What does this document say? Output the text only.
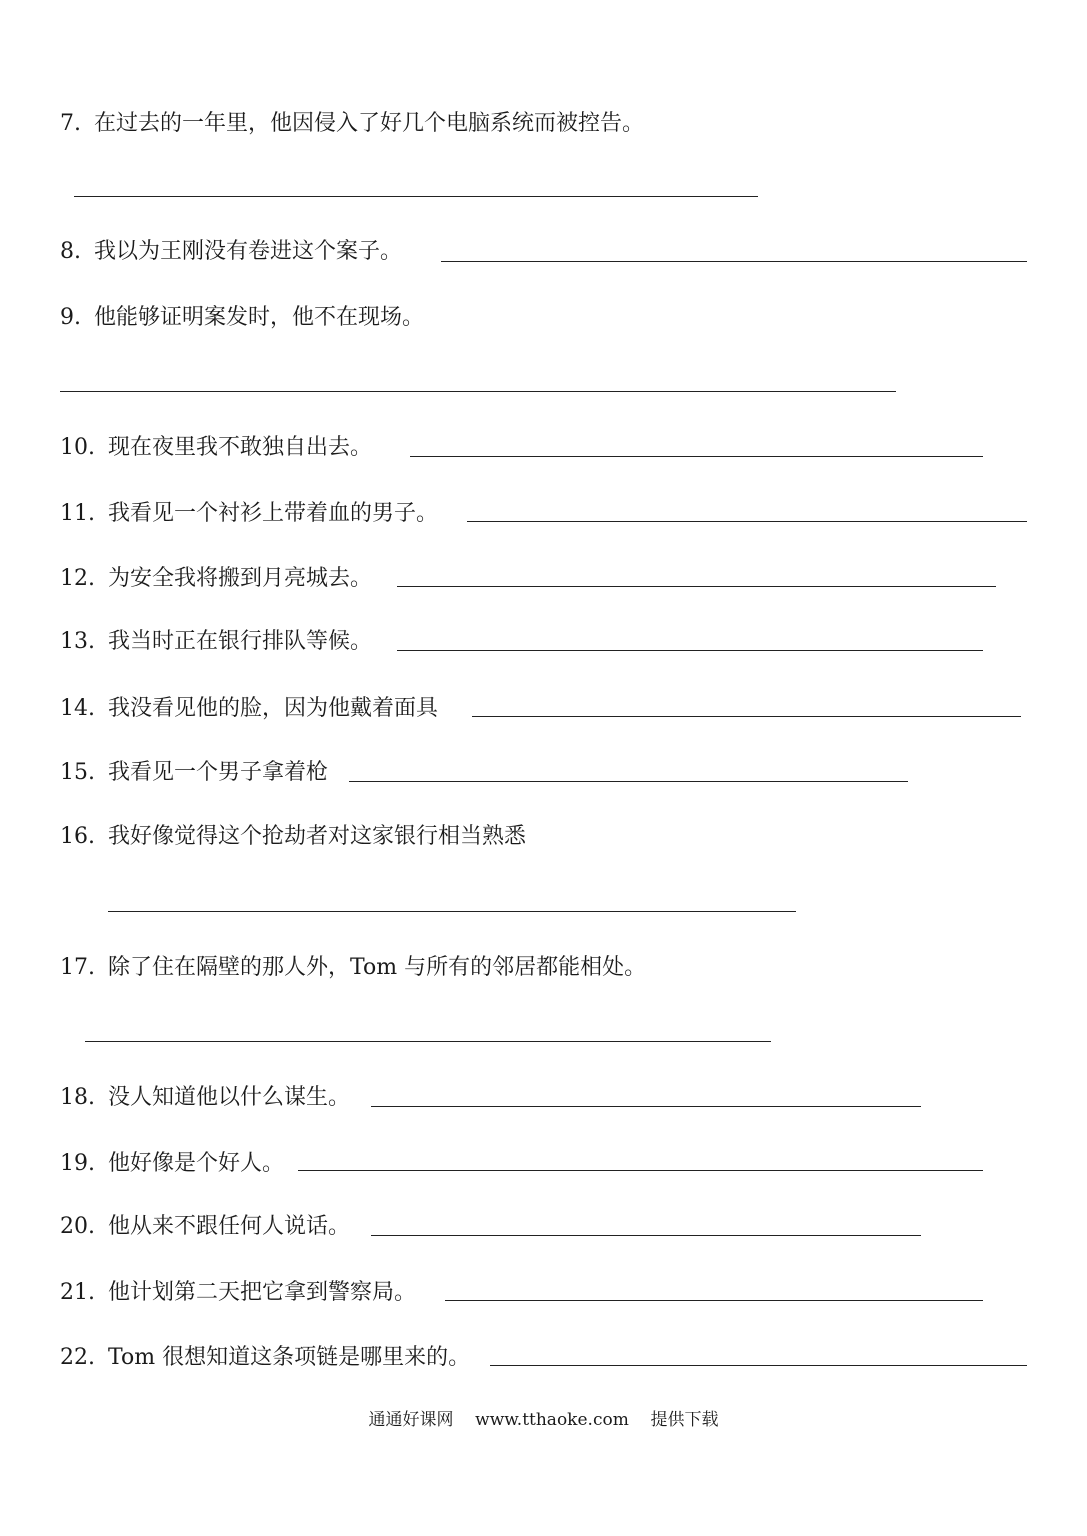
7. 在过去的一年里，他因侵入了好几个电脑系统而被控告。
8. 我以为王刚没有卷进这个案子。
9. 他能够证明案发时，他不在现场。
10. 现在夜里我不敢独自出去。
11. 我看见一个衬衫上带着血的男子。
12. 为安全我将搬到月亮城去。
13. 我当时正在银行排队等候。
14. 我没看见他的脸，因为他戴着面具
15. 我看见一个男子拿着枪
16. 我好像觉得这个抢劫者对这家银行相当熟悉
17. 除了住在隔壁的那人外，Tom 与所有的邻居都能相处。
18. 没人知道他以什么谋生。
19. 他好像是个好人。
20. 他从来不跟任何人说话。
21. 他计划第二天把它拿到警察局。
22. Tom 很想知道这条项链是哪里来的。
通通好课网 www.tthaoke.com 提供下载
